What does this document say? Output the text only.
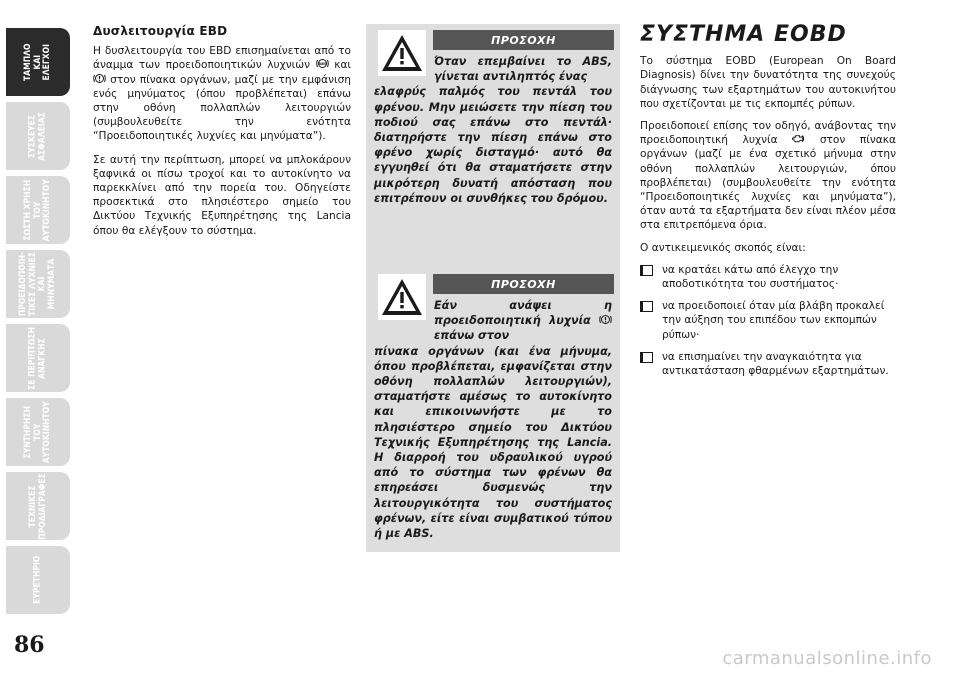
ΤΑΜΠΛΟ
ΚΑΙ
ΕΛΕΓΧΟΙ
ΣΥΣΚΕΥΕΣ
ΑΣΦΑΛΕΙΑΣ
ΣΩΣΤΗ ΧΡΗΣΗ
ΤΟΥ
ΑΥΤΟΚΙΝΗΤΟΥ
ΠΡΟΕΙΔΟΠΟΙΗ-
ΤΙΚΕΣ ΛΥΧΝΙΕΣ
ΚΑΙ ΜΗΝΥΜΑΤΑ
ΣΕ ΠΕΡΙΠΤΩΣΗ
ΑΝΑΓΚΗΣ
ΣΥΝΤΗΡΗΣΗ
ΤΟΥ
ΑΥΤΟΚΙΝΗΤΟΥ
ΤΕΧΝΙΚΕΣ
ΠΡΟΔΙΑΓΡΑΦΕΣ
ΕΥΡΕΤΗΡΙΟ
86
Δυσλειτουργία EBD

Η δυσλειτουργία του EBD επισημαίνεται από το άναμμα των προειδοποιητικών λυχνιών ABS και  στον πίνακα οργάνων, μαζί με την εμφάνιση ενός μηνύματος (όπου προβλέπεται) επάνω στην οθόνη πολλαπλών λειτουργιών (συμβουλευθείτε την ενότητα “Προειδοποιητικές λυχνίες και μηνύματα”).

Σε αυτή την περίπτωση, μπορεί να μπλοκάρουν ξαφνικά οι πίσω τροχοί και το αυτοκίνητο να παρεκκλίνει από την πορεία του. Οδηγείστε προσεκτικά στο πλησιέστερο σημείο του Δικτύου Τεχνικής Εξυπηρέτησης της Lancia όπου θα ελέγξουν το σύστημα.

ΠΡΟΣΟΧΗ
Όταν επεμβαίνει το ABS, γίνεται αντιληπτός ένας
ελαφρύς παλμός του πεντάλ του φρένου. Μην μειώσετε την πίεση του ποδιού σας επάνω στο πεντάλ· διατηρήστε την πίεση επάνω στο φρένο χωρίς δισταγμό· αυτό θα εγγυηθεί ότι θα σταματήσετε στην μικρότερη δυνατή απόσταση που επιτρέπουν οι συνθήκες του δρόμου.
ΠΡΟΣΟΧΗ
Εάν ανάψει η προειδοποιητική λυχνία  επάνω στον
πίνακα οργάνων (και ένα μήνυμα, όπου προβλέπεται, εμφανίζεται στην οθόνη πολλαπλών λειτουργιών), σταματήστε αμέσως το αυτοκίνητο και επικοινωνήστε με το πλησιέστερο σημείο του Δικτύου Τεχνικής Εξυπηρέτησης της Lancia. Η διαρροή του υδραυλικού υγρού από το σύστημα των φρένων θα επηρεάσει δυσμενώς την λειτουργικότητα του συστήματος φρένων, είτε είναι συμβατικού τύπου ή με ABS.
ΣΥΣΤΗΜΑ EOBD

Το σύστημα EOBD (European On Board Diagnosis) δίνει την δυνατότητα της συνεχούς διάγνωσης των εξαρτημάτων του αυτοκινήτου που σχετίζονται με τις εκπομπές ρύπων.

Προειδοποιεί επίσης τον οδηγό, ανάβοντας την προειδοποιητική λυχνία	στον πίνακα οργάνων (μαζί με ένα σχετικό μήνυμα στην οθόνη πολλαπλών λειτουργιών, όπου προβλέπεται) (συμβουλευθείτε την ενότητα “Προειδοποιητικές λυχνίες και μηνύματα”), όταν αυτά τα εξαρτήματα δεν είναι πλέον μέσα στα επιτρεπόμενα όρια.

Ο αντικειμενικός σκοπός είναι:

να κρατάει κάτω από έλεγχο την αποδοτικότητα του συστήματος·
να προειδοποιεί όταν μία βλάβη προκαλεί την αύξηση του επιπέδου των εκπομπών ρύπων·
να επισημαίνει την αναγκαιότητα για αντικατάσταση φθαρμένων εξαρτημάτων.
carmanualsonline.info
